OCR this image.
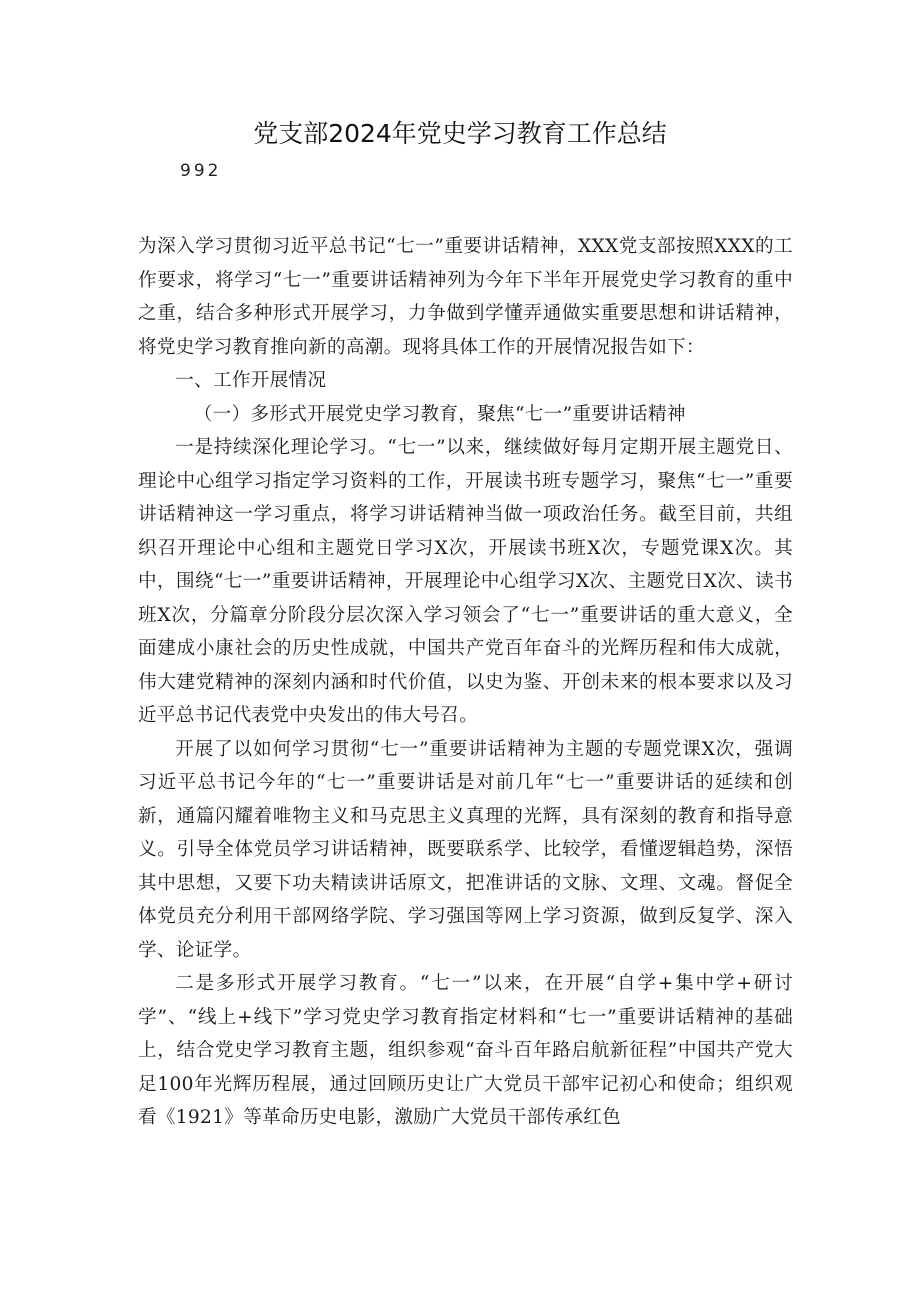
党支部2024年党史学习教育工作总结
992

为深入学习贯彻习近平总书记“七一”重要讲话精神，XXX党支部按照XXX的工作要求，将学习“七一”重要讲话精神列为今年下半年开展党史学习教育的重中之重，结合多种形式开展学习，力争做到学懂弄通做实重要思想和讲话精神，将党史学习教育推向新的高潮。现将具体工作的开展情况报告如下：

一、工作开展情况

（一）多形式开展党史学习教育，聚焦“七一”重要讲话精神

一是持续深化理论学习。“七一”以来，继续做好每月定期开展主题党日、理论中心组学习指定学习资料的工作，开展读书班专题学习，聚焦“七一”重要讲话精神这一学习重点，将学习讲话精神当做一项政治任务。截至目前，共组织召开理论中心组和主题党日学习X次，开展读书班X次，专题党课X次。其中，围绕“七一”重要讲话精神，开展理论中心组学习X次、主题党日X次、读书班X次，分篇章分阶段分层次深入学习领会了“七一”重要讲话的重大意义，全面建成小康社会的历史性成就，中国共产党百年奋斗的光辉历程和伟大成就，伟大建党精神的深刻内涵和时代价值，以史为鉴、开创未来的根本要求以及习近平总书记代表党中央发出的伟大号召。

开展了以如何学习贯彻“七一”重要讲话精神为主题的专题党课X次，强调习近平总书记今年的“七一”重要讲话是对前几年“七一”重要讲话的延续和创新，通篇闪耀着唯物主义和马克思主义真理的光辉，具有深刻的教育和指导意义。引导全体党员学习讲话精神，既要联系学、比较学，看懂逻辑趋势，深悟其中思想，又要下功夫精读讲话原文，把准讲话的文脉、文理、文魂。督促全体党员充分利用干部网络学院、学习强国等网上学习资源，做到反复学、深入学、论证学。

二是多形式开展学习教育。“七一”以来，在开展“自学+集中学+研讨学”、“线上+线下”学习党史学习教育指定材料和“七一”重要讲话精神的基础上，结合党史学习教育主题，组织参观“奋斗百年路启航新征程”中国共产党大足100年光辉历程展，通过回顾历史让广大党员干部牢记初心和使命；组织观看《1921》等革命历史电影，激励广大党员干部传承红色
